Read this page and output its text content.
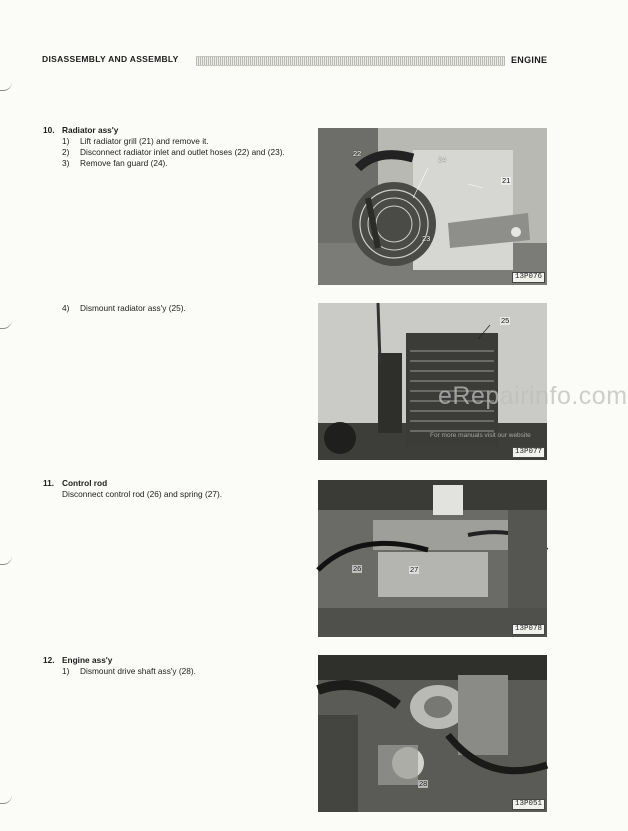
DISASSEMBLY AND ASSEMBLY	ENGINE
10. Radiator ass'y
1)	Lift radiator grill (21) and remove it.
2)	Disconnect radiator inlet and outlet hoses (22) and (23).
3)	Remove fan guard (24).
4)	Dismount radiator ass'y (25).
11. Control rod
Disconnect control rod (26) and spring (27).
12. Engine ass'y
1)	Dismount drive shaft ass'y (28).
22
24
21
23
13P076
25
13P077
26	27
13P078
28
13P051
eRepairinfo.com
For more manuals visit our website
